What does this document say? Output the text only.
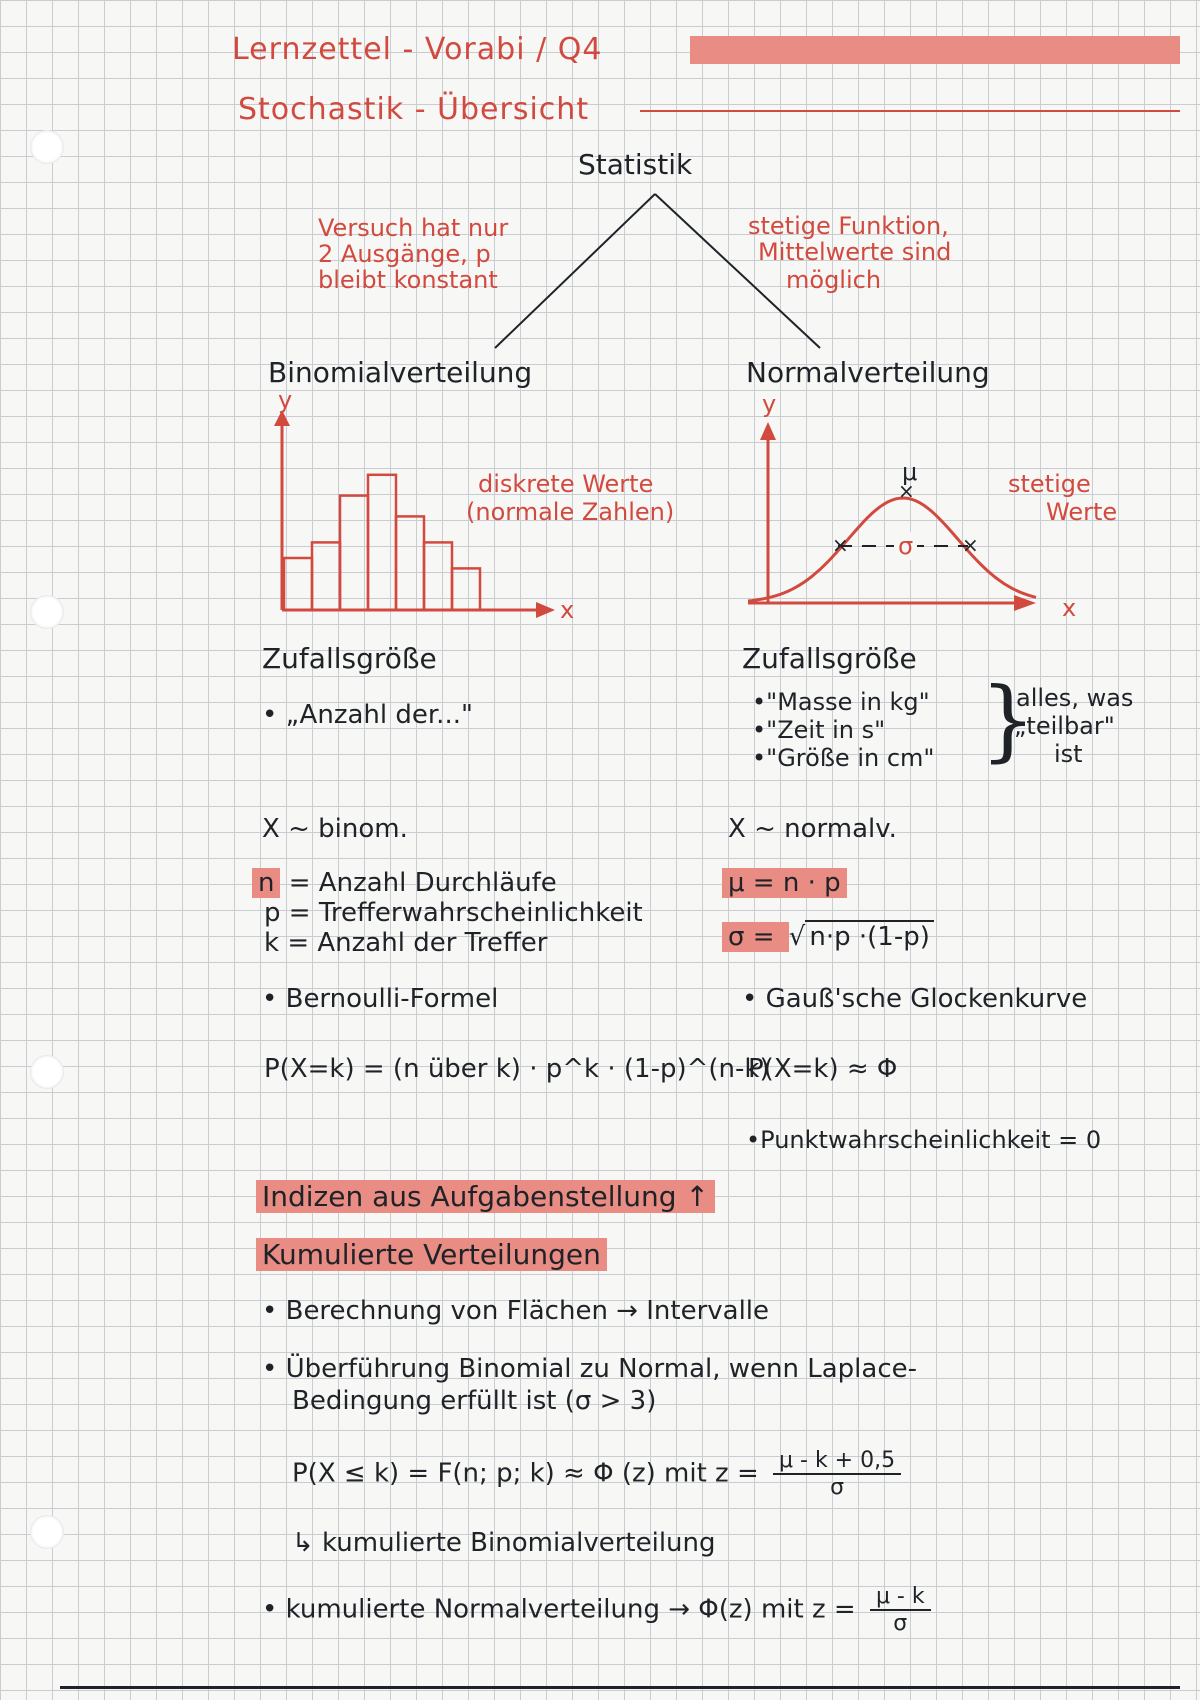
Lernzettel - Vorabi / Q4
Stochastik - Übersicht
Statistik
Versuch hat nur
2 Ausgänge, p
bleibt konstant
stetige Funktion,
Mittelwerte sind
möglich
Binomialverteilung
y
x
diskrete Werte
(normale Zahlen)
Zufallsgröße
• „Anzahl der..."
X ~ binom.
n = Anzahl Durchläufe
p = Trefferwahrscheinlichkeit
k = Anzahl der Treffer
• Bernoulli-Formel
P(X=k) = (n über k) · p^k · (1-p)^(n-k)
Normalverteilung
y
×	×
×
μ
σ
x
stetige
Werte
Zufallsgröße
•"Masse in kg"
•"Zeit in s"
•"Größe in cm" }
alles, was
„teilbar"
ist
X ~ normalv.
μ = n · p
σ = √ n·p ·(1-p)
• Gauß'sche Glockenkurve
P(X=k) ≈ Φ
•Punktwahrscheinlichkeit = 0
Indizen aus Aufgabenstellung ↑
Kumulierte Verteilungen
• Berechnung von Flächen → Intervalle
• Überführung Binomial zu Normal, wenn Laplace-
Bedingung erfüllt ist (σ > 3)
P(X ≤ k) = F(n; p; k) ≈ Φ (z) mit $z = \frac{\mu - k + 0,5}{\sigma}$
↳ kumulierte Binomialverteilung
• kumulierte Normalverteilung → Φ(z) mit $z = \frac{\mu - k}{\sigma}$
